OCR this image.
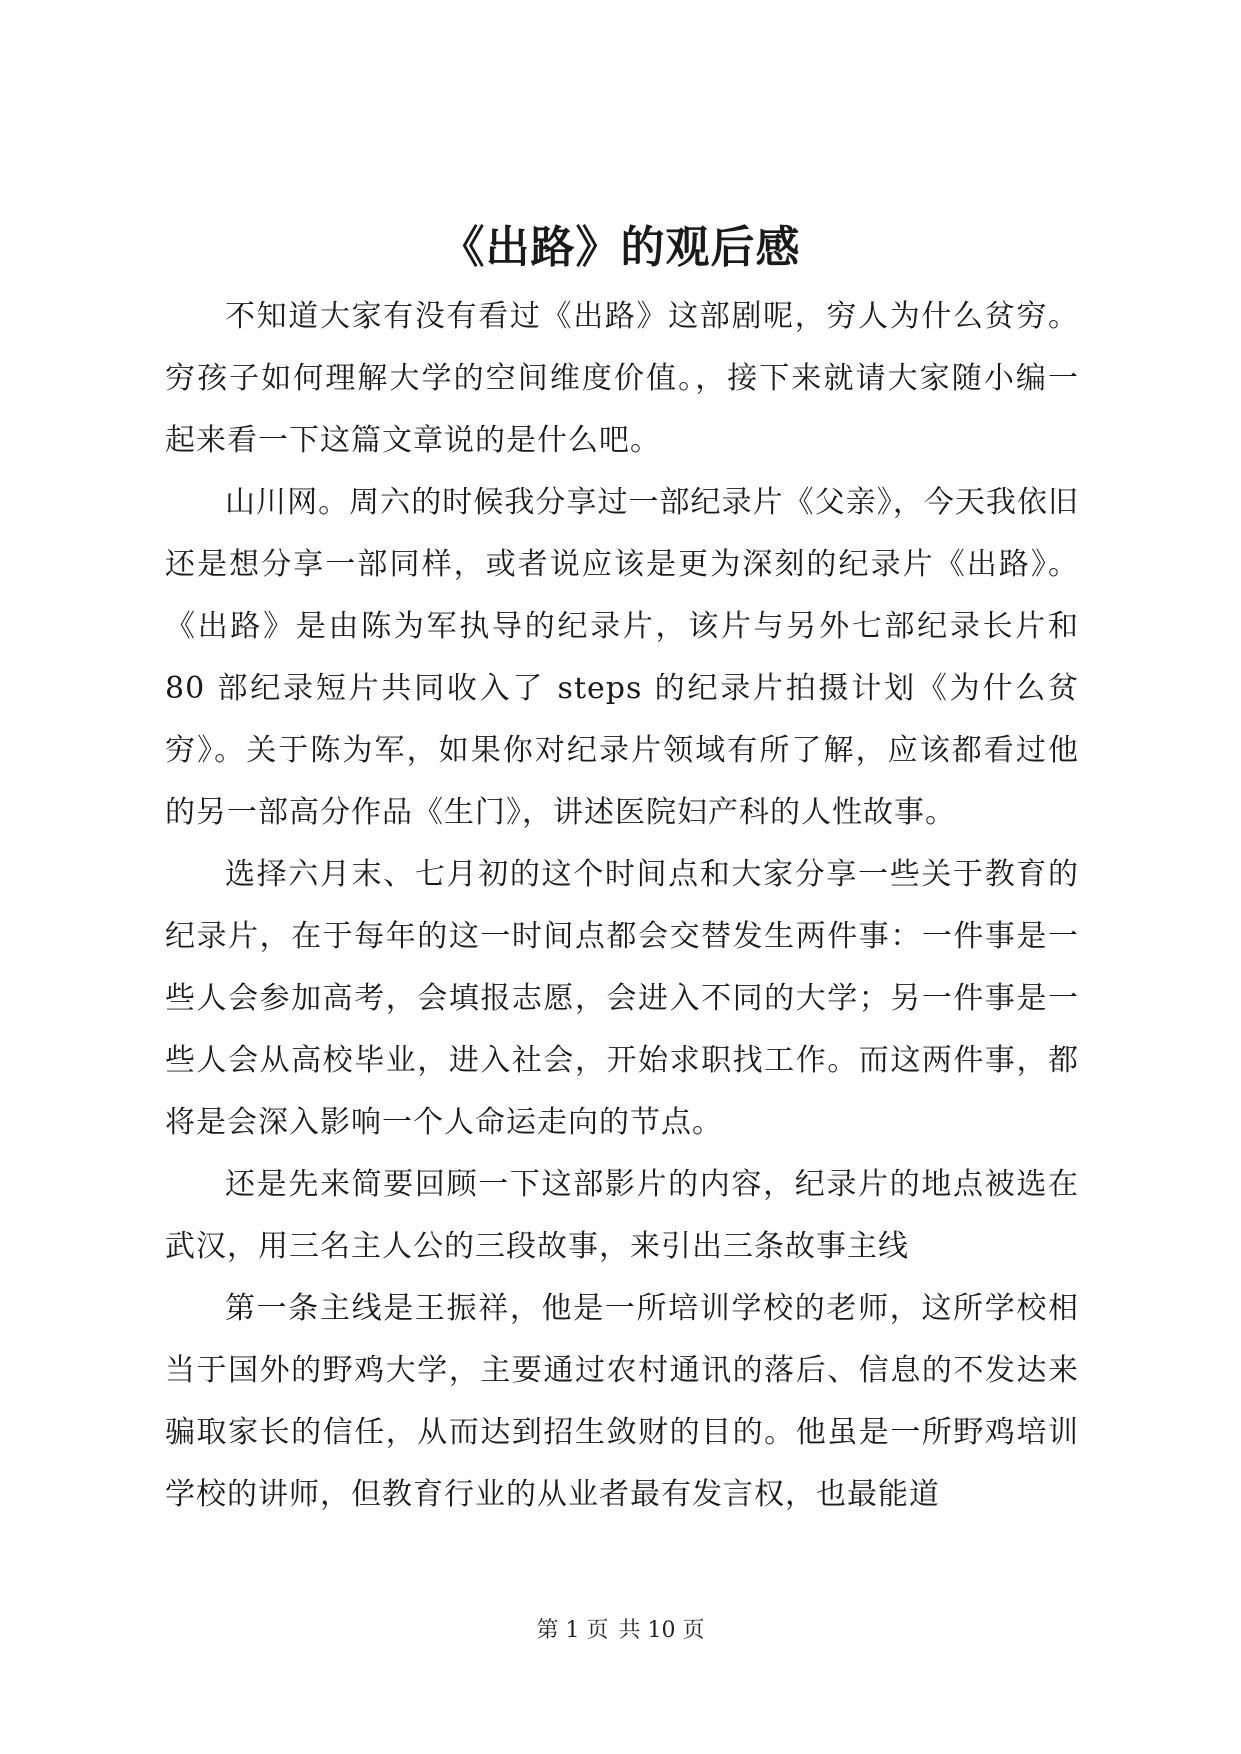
《出路》的观后感

不知道大家有没有看过《出路》这部剧呢，穷人为什么贫穷。穷孩子如何理解大学的空间维度价值。，接下来就请大家随小编一起来看一下这篇文章说的是什么吧。

山川网。周六的时候我分享过一部纪录片《父亲》，今天我依旧还是想分享一部同样，或者说应该是更为深刻的纪录片《出路》。《出路》是由陈为军执导的纪录片，该片与另外七部纪录长片和 80 部纪录短片共同收入了 steps 的纪录片拍摄计划《为什么贫穷》。关于陈为军，如果你对纪录片领域有所了解，应该都看过他的另一部高分作品《生门》，讲述医院妇产科的人性故事。

选择六月末、七月初的这个时间点和大家分享一些关于教育的纪录片，在于每年的这一时间点都会交替发生两件事：一件事是一些人会参加高考，会填报志愿，会进入不同的大学；另一件事是一些人会从高校毕业，进入社会，开始求职找工作。而这两件事，都将是会深入影响一个人命运走向的节点。

还是先来简要回顾一下这部影片的内容，纪录片的地点被选在武汉，用三名主人公的三段故事，来引出三条故事主线

第一条主线是王振祥，他是一所培训学校的老师，这所学校相当于国外的野鸡大学，主要通过农村通讯的落后、信息的不发达来骗取家长的信任，从而达到招生敛财的目的。他虽是一所野鸡培训学校的讲师，但教育行业的从业者最有发言权，也最能道

第 1 页 共 10 页
